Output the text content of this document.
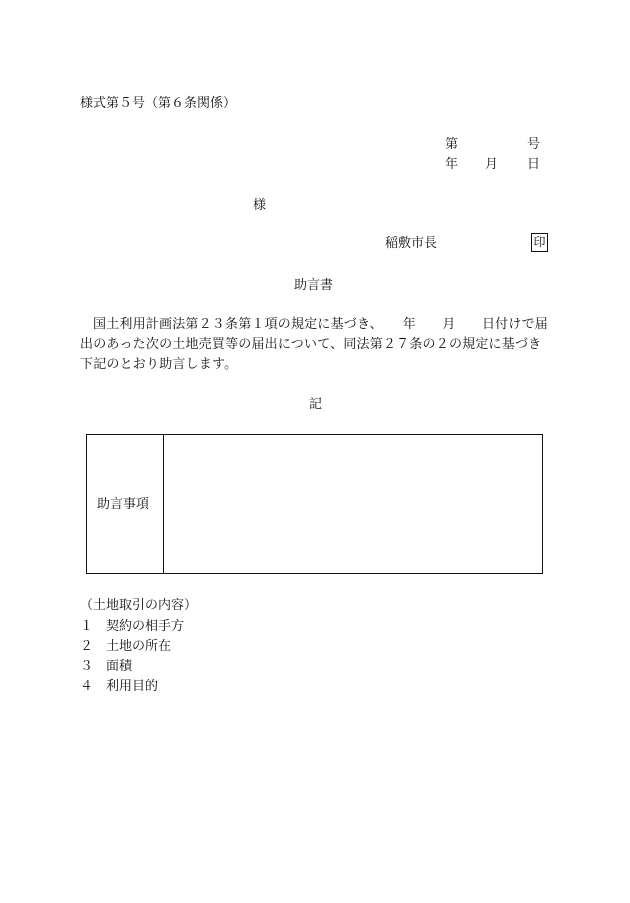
様式第５号（第６条関係）
第	号
年 月 日
様
稲敷市長	印
助言書
国土利用計画法第２３条第１項の規定に基づき、　　年　　月　　日付けで届出のあった次の土地売買等の届出について、同法第２７条の２の規定に基づき下記のとおり助言します。
記
助言事項
（土地取引の内容）
１ 契約の相手方
２ 土地の所在
３ 面積
４ 利用目的
